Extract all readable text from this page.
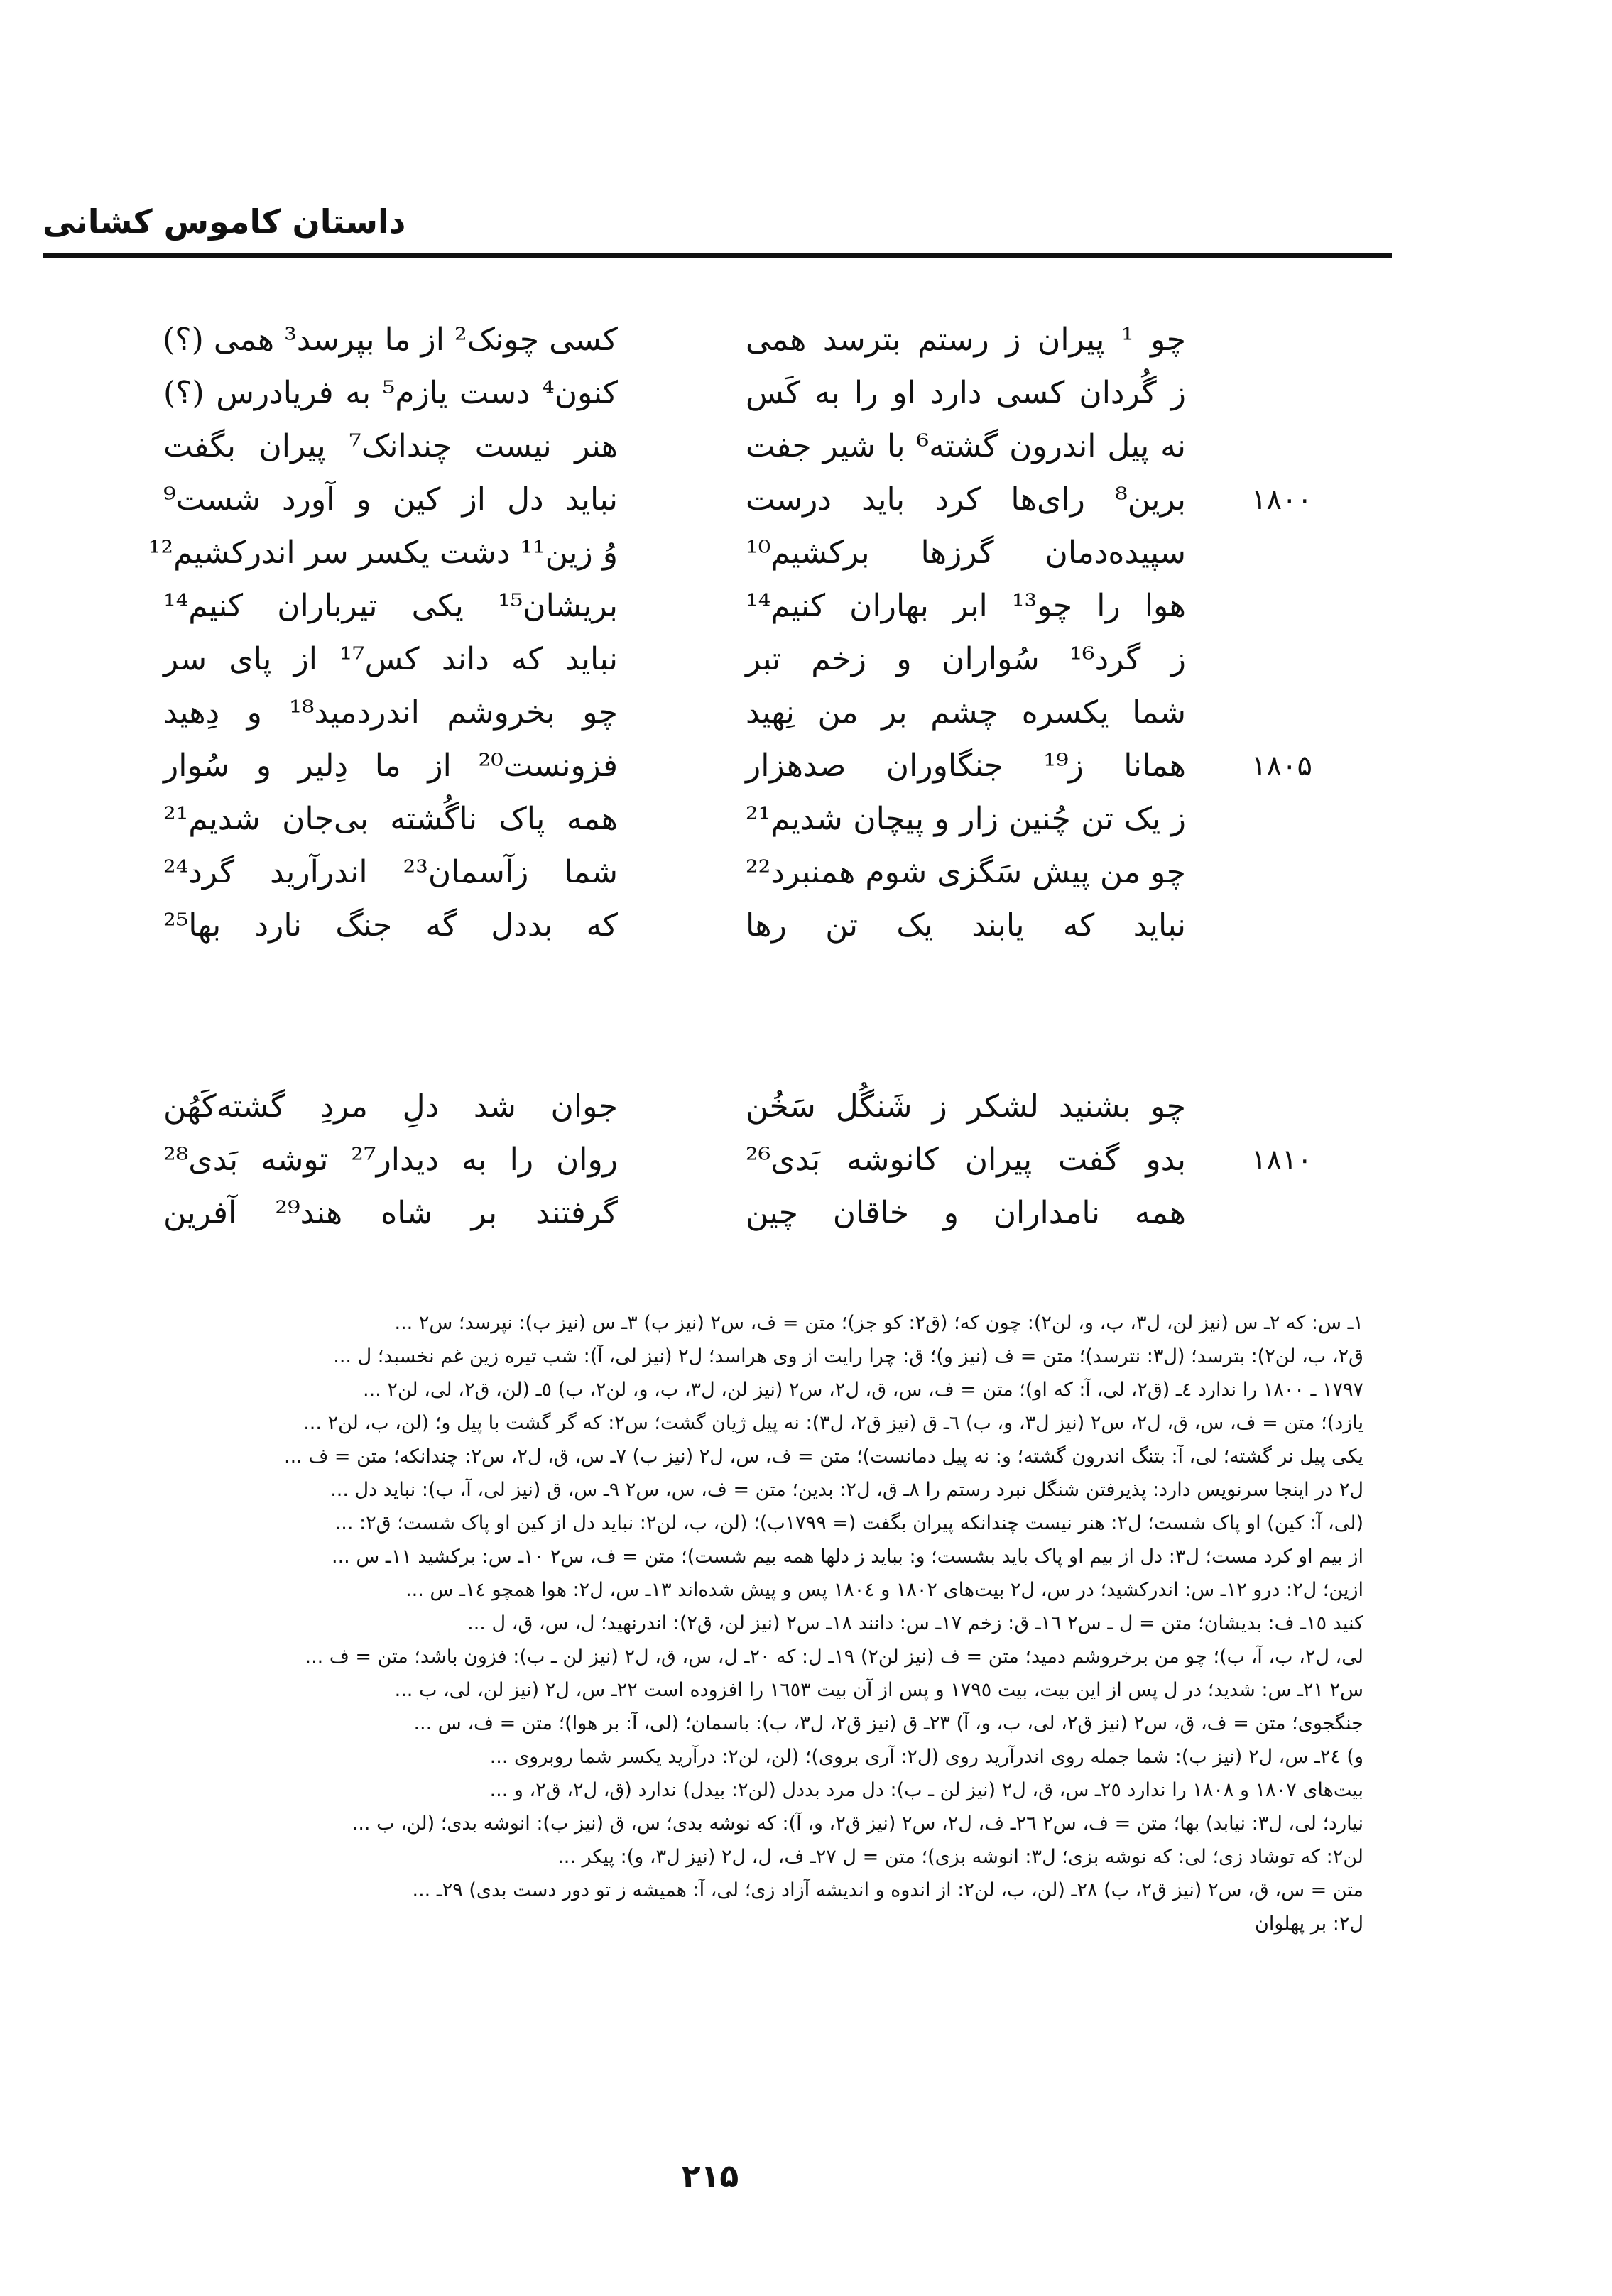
داستان کاموس کشانی
چو ¹ پیران ز رستم بترسد همی
کسی چونک² از ما بپرسد³ همی (؟)
ز گُردان کسی دارد او را به کَس
کنون⁴ دست یازم⁵ به فریادرس (؟)
نه پیل اندرون گشته⁶ با شیر جفت
هنر نیست چندانک⁷ پیران بگفت
۱۸۰۰
برین⁸ رای‌ها کرد باید درست
نباید دل از کین و آورد شست⁹
سپیده‌دمان گرزها برکشیم¹⁰
وُ زین¹¹ دشت یکسر سر اندرکشیم¹²
هوا را چو¹³ ابر بهاران کنیم¹⁴
بریشان¹⁵ یکی تیرباران کنیم¹⁴
ز گرد¹⁶ سُواران و زخم تبر
نباید که داند کس¹⁷ از پای سر
شما یکسره چشم بر من نِهید
چو بخروشم اندردمید¹⁸ و دِهید
۱۸۰۵
همانا ز¹⁹ جنگاوران صدهزار
فزونست²⁰ از ما دِلیر و سُوار
ز یک تن چُنین زار و پیچان شدیم²¹
همه پاک ناگُشته بی‌جان شدیم²¹
چو من پیش سَگزی شوم همنبرد²²
شما زآسمان²³ اندرآرید گرد²⁴
نباید که یابند یک تن رها
که بددل گه جنگ نارد بها²⁵
چو بشنید لشکر ز شَنگُل سَخُن
جوان شد دلِ مردِ گشته‌کَهُن
۱۸۱۰
بدو گفت پیران کانوشه بَدی²⁶
روان را به دیدار²⁷ توشه بَدی²⁸
همه نامداران و خاقان چین
گرفتند بر شاه هند²⁹ آفرین
۱ـ س: که ۲ـ س (نیز لن، ل۳، ب، و، لن۲): چون که؛ (ق۲: کو جز)؛ متن = ف، س۲ (نیز ب) ۳ـ س (نیز ب): نپرسد؛ س۲ ...
ق۲، ب، لن۲): بترسد؛ (ل۳: نترسد)؛ متن = ف (نیز و)؛ ق: چرا رایت از وی هراسد؛ ل۲ (نیز لی، آ): شب تیره زین غم نخسبد؛ ل ...
۱۷۹۷ ـ ۱۸۰۰ را ندارد ٤ـ (ق۲، لی، آ: که او)؛ متن = ف، س، ق، ل۲، س۲ (نیز لن، ل۳، ب، و، لن۲، ب) ٥ـ (لن، ق۲، لی، لن۲ ...
یازد)؛ متن = ف، س، ق، ل۲، س۲ (نیز ل۳، و، ب) ٦ـ ق (نیز ق۲، ل۳): نه پیل ژیان گشت؛ س۲: که گر گشت با پیل و؛ (لن، ب، لن۲ ...
یکی پیل نر گشته؛ لی، آ: بتنگ اندرون گشته؛ و: نه پیل دمانست)؛ متن = ف، س، ل۲ (نیز ب) ۷ـ س، ق، ل۲، س۲: چندانکه؛ متن = ف ...
ل۲ در اینجا سرنویس دارد: پذیرفتن شنگل نبرد رستم را ۸ـ ق، ل۲: بدین؛ متن = ف، س، س۲ ۹ـ س، ق (نیز لی، آ، ب): نباید دل ...
(لی، آ: کین) او پاک شست؛ ل۲: هنر نیست چندانکه پیران بگفت (= ۱۷۹۹ب)؛ (لن، ب، لن۲: نباید دل از کین او پاک شست؛ ق۲: ...
از بیم او کرد مست؛ ل۳: دل از بیم او پاک باید بشست؛ و: بباید ز دلها همه بیم شست)؛ متن = ف، س۲ ۱۰ـ س: برکشید ۱۱ـ س ...
ازین؛ ل۲: درو ۱۲ـ س: اندرکشید؛ در س، ل۲ بیت‌های ۱۸۰۲ و ۱۸۰٤ پس و پیش شده‌اند ۱۳ـ س، ل۲: هوا همچو ۱٤ـ س ...
کنید ۱٥ـ ف: بدیشان؛ متن = ل ـ س۲ ۱٦ـ ق: زخم ۱۷ـ س: دانند ۱۸ـ س۲ (نیز لن، ق۲): اندرنهید؛ ل، س، ق، ل ...
لی، ل۲، ب، آ، ب)؛ چو من برخروشم دمید؛ متن = ف (نیز لن۲) ۱۹ـ ل: که ۲۰ـ ل، س، ق، ل۲ (نیز لن ـ ب): فزون باشد؛ متن = ف ...
س۲ ۲۱ـ س: شدید؛ در ل پس از این بیت، بیت ۱۷۹٥ و پس از آن بیت ۱٦٥۳ را افزوده است ۲۲ـ س، ل۲ (نیز لن، لی، ب ...
جنگجوی؛ متن = ف، ق، س۲ (نیز ق۲، لی، ب، و، آ) ۲۳ـ ق (نیز ق۲، ل۳، ب): باسمان؛ (لی، آ: بر هوا)؛ متن = ف، س ...
و) ۲٤ـ س، ل۲ (نیز ب): شما جمله روی اندرآرید روی (ل۲: آری بروی)؛ (لن، لن۲: درآرید یکسر شما روبروی ...
بیت‌های ۱۸۰۷ و ۱۸۰۸ را ندارد ۲٥ـ س، ق، ل۲ (نیز لن ـ ب): دل مرد بددل (لن۲: بیدل) ندارد (ق، ل۲، ق۲، و ...
نیارد؛ لی، ل۳: نیابد) بها؛ متن = ف، س۲ ۲٦ـ ف، ل۲، س۲ (نیز ق۲، و، آ): که نوشه بدی؛ س، ق (نیز ب): انوشه بدی؛ (لن، ب ...
لن۲: که توشاد زی؛ لی: که نوشه بزی؛ ل۳: انوشه بزی)؛ متن = ل ۲۷ـ ف، ل، ل۲ (نیز ل۳، و): پیکر ...
متن = س، ق، س۲ (نیز ق۲، ب) ۲۸ـ (لن، ب، لن۲: از اندوه و اندیشه آزاد زی؛ لی، آ: همیشه ز تو دور دست بدی) ۲۹ـ ...
ل۲: بر پهلوان
۲۱۵
